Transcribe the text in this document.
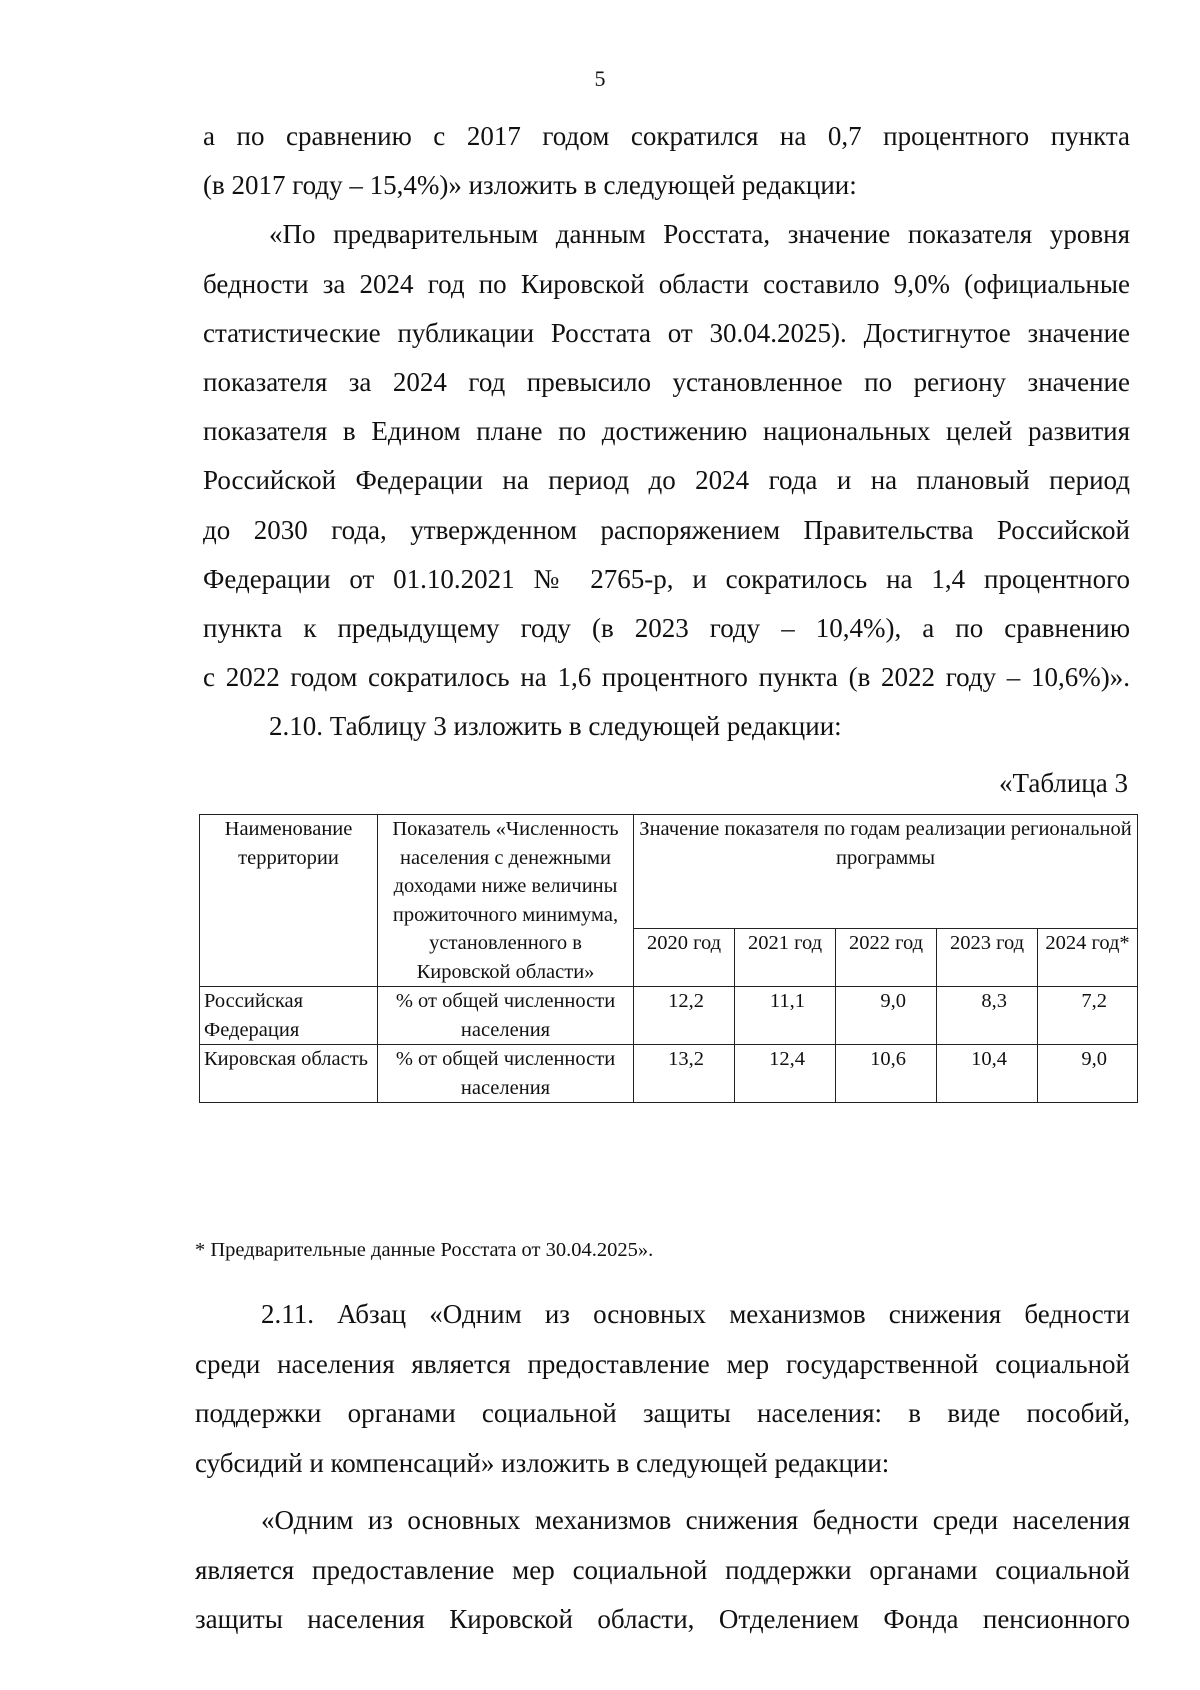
5

а по сравнению с 2017 годом сократился на 0,7 процентного пункта
(в 2017 году – 15,4%)» изложить в следующей редакции:

«По предварительным данным Росстата, значение показателя уровня
бедности за 2024 год по Кировской области составило 9,0% (официальные
статистические публикации Росстата от 30.04.2025). Достигнутое значение
показателя за 2024 год превысило установленное по региону значение
показателя в Едином плане по достижению национальных целей развития
Российской Федерации на период до 2024 года и на плановый период
до 2030 года, утвержденном распоряжением Правительства Российской
Федерации от 01.10.2021 № 2765-р, и сократилось на 1,4 процентного
пункта к предыдущему году (в 2023 году – 10,4%), а по сравнению
с 2022 годом сократилось на 1,6 процентного пункта (в 2022 году – 10,6%)».

2.10. Таблицу 3 изложить в следующей редакции:

«Таблица 3
Наименование территории	Показатель «Численность населения с денежными доходами ниже величины прожиточного минимума, установленного в Кировской области»	Значение показателя по годам реализации региональной программы				
		2020 год	2021 год	2022 год	2023 год	2024 год*
Российская Федерация	% от общей численности населения	12,2	11,1	9,0	8,3	7,2
Кировская область	% от общей численности населения	13,2	12,4	10,6	10,4	9,0
* Предварительные данные Росстата от 30.04.2025».

2.11. Абзац «Одним из основных механизмов снижения бедности
среди населения является предоставление мер государственной социальной
поддержки органами социальной защиты населения: в виде пособий,
субсидий и компенсаций» изложить в следующей редакции:

«Одним из основных механизмов снижения бедности среди населения
является предоставление мер социальной поддержки органами социальной
защиты населения Кировской области, Отделением Фонда пенсионного
